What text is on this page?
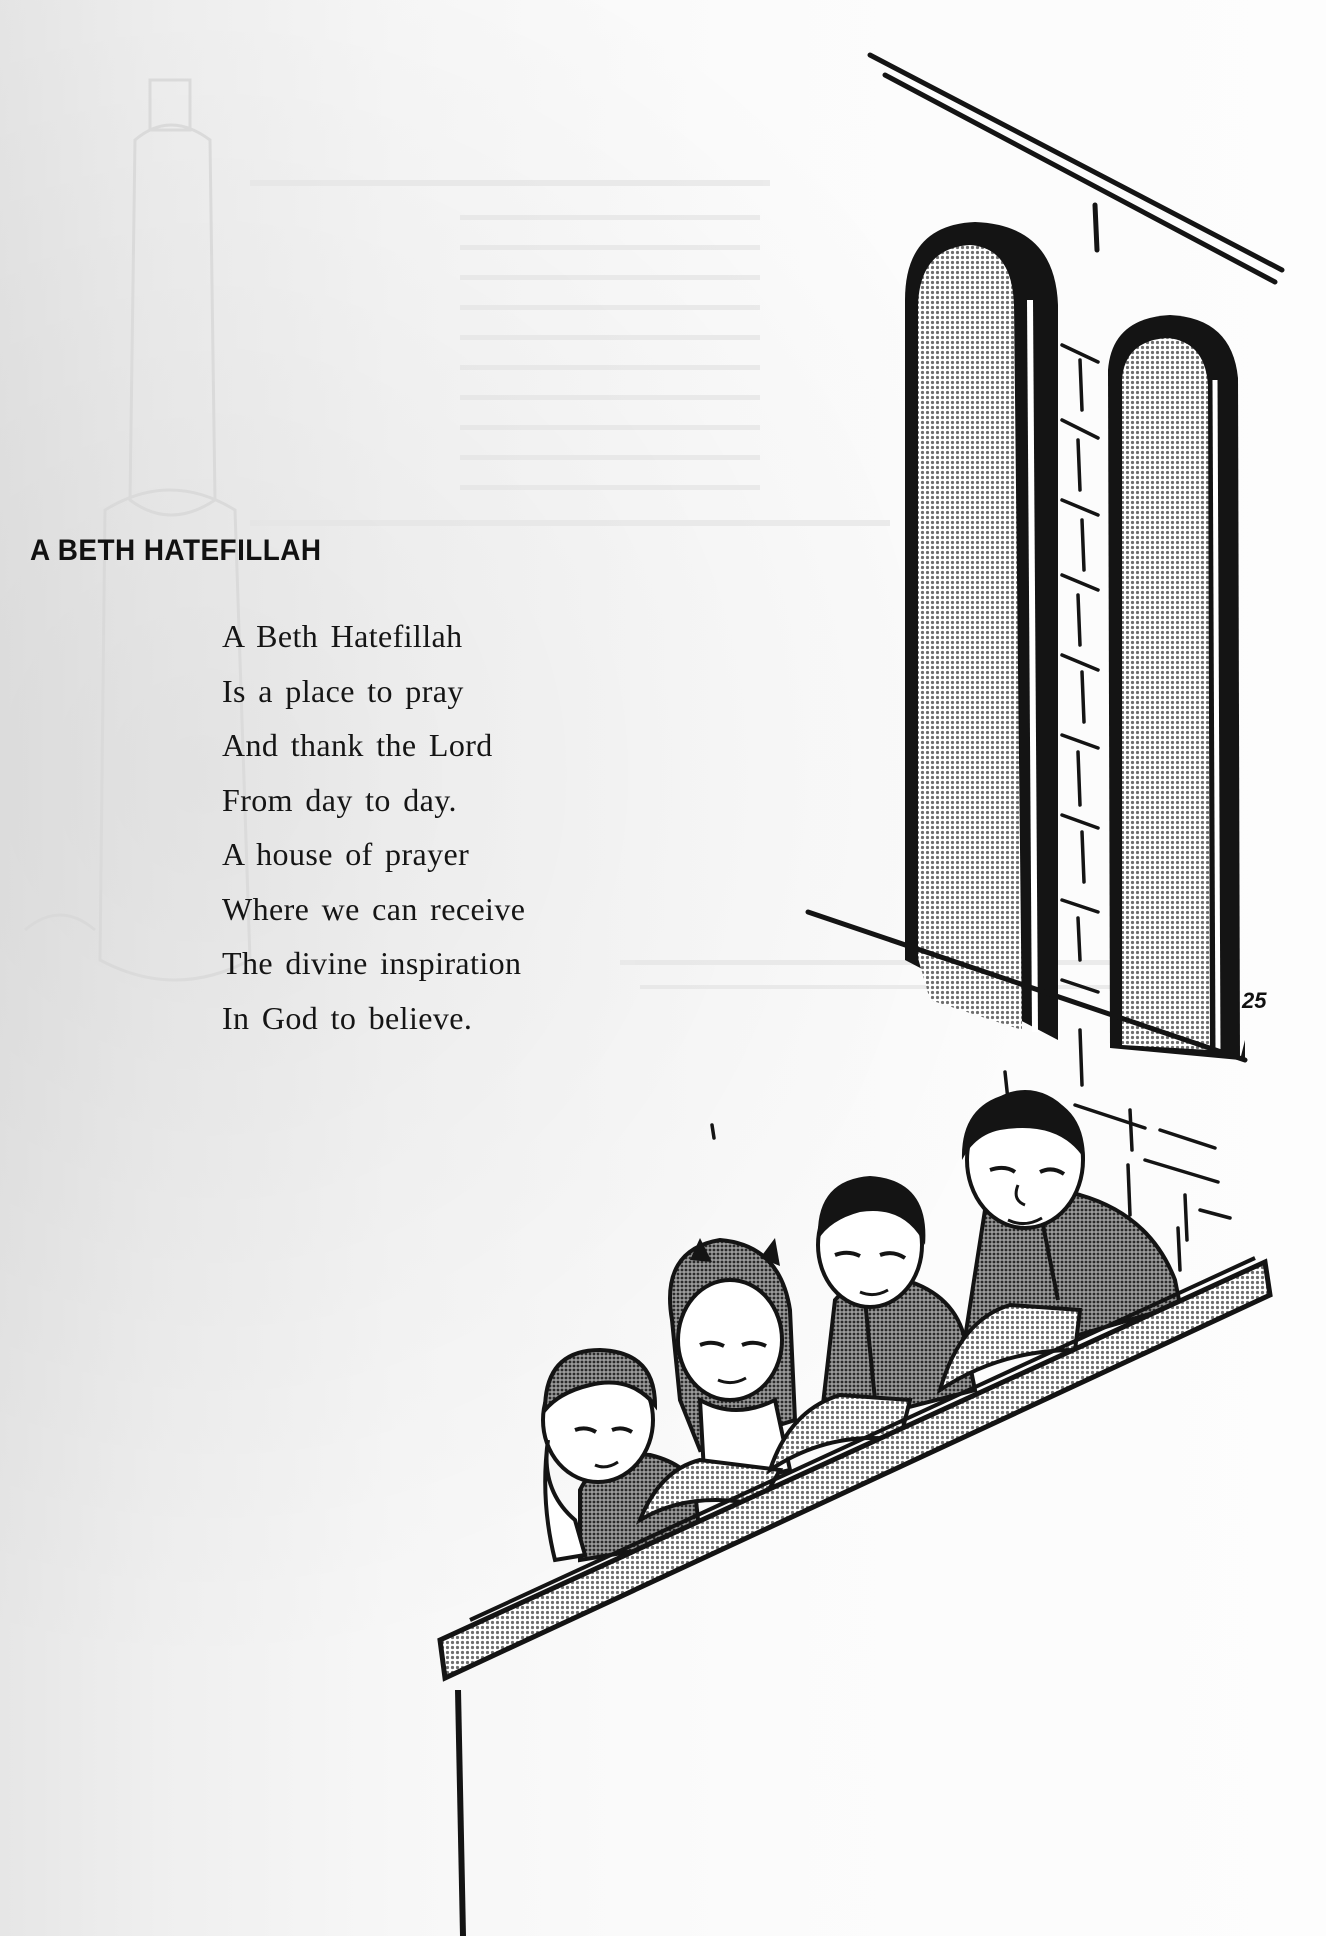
A BETH HATEFILLAH
A Beth Hatefillah
Is a place to pray
And thank the Lord
From day to day.
A house of prayer
Where we can receive
The divine inspiration
In God to believe.	25
